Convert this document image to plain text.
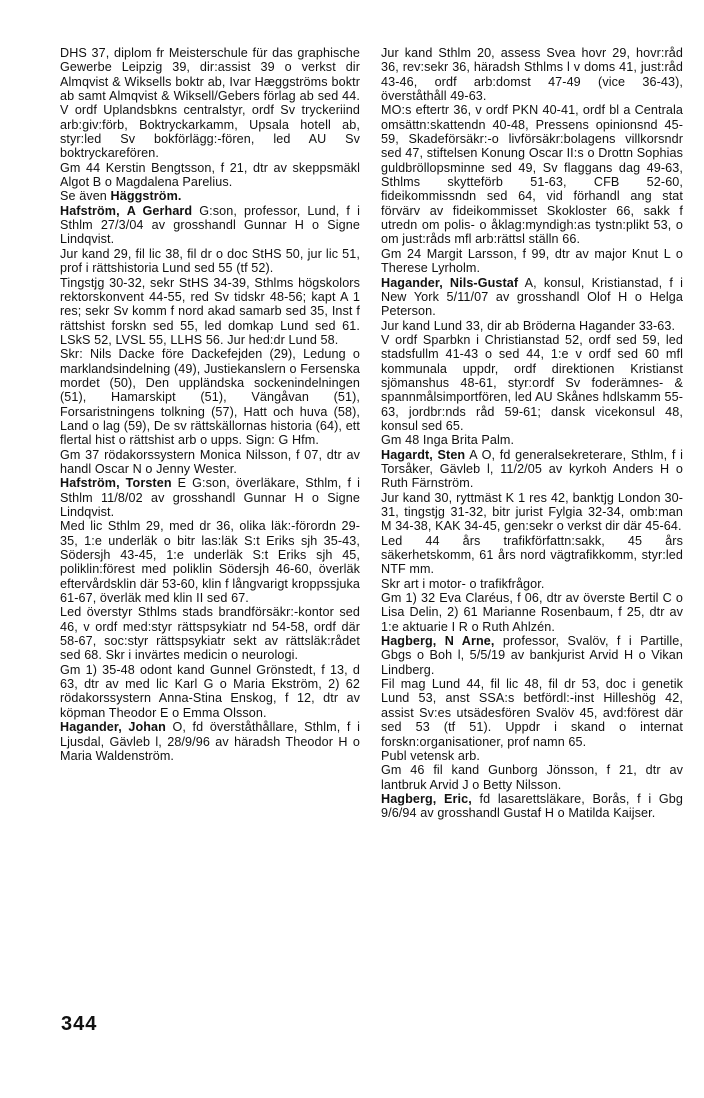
DHS 37, diplom fr Meisterschule für das graphische Gewerbe Leipzig 39, dir:assist 39 o verkst dir Almqvist & Wiksells boktr ab, Ivar Hæggströms boktr ab samt Almqvist & Wiksell/Gebers förlag ab sed 44. V ordf Uplandsbkns centralstyr, ordf Sv tryckeriind arb:giv:förb, Boktryckarkamm, Upsala hotell ab, styr:led Sv bokförlägg:-fören, led AU Sv boktryckarefören.

Gm 44 Kerstin Bengtsson, f 21, dtr av skeppsmäkl Algot B o Magdalena Parelius.

Se även Häggström.

Hafström, A Gerhard G:son, professor, Lund, f i Sthlm 27/3/04 av grosshandl Gunnar H o Signe Lindqvist.

Jur kand 29, fil lic 38, fil dr o doc StHS 50, jur lic 51, prof i rättshistoria Lund sed 55 (tf 52).

Tingstjg 30-32, sekr StHS 34-39, Sthlms högskolors rektorskonvent 44-55, red Sv tidskr 48-56; kapt A 1 res; sekr Sv komm f nord akad samarb sed 35, Inst f rättshist forskn sed 55, led domkap Lund sed 61. LSkS 52, LVSL 55, LLHS 56. Jur hed:dr Lund 58.

Skr: Nils Dacke före Dackefejden (29), Ledung o marklandsindelning (49), Justiekanslern o Fersenska mordet (50), Den uppländska sockenindelningen (51), Hamarskipt (51), Vängåvan (51), Forsaristningens tolkning (57), Hatt och huva (58), Land o lag (59), De sv rättskällornas historia (64), ett flertal hist o rättshist arb o upps. Sign: G Hfm.

Gm 37 rödakorssystern Monica Nilsson, f 07, dtr av handl Oscar N o Jenny Wester.

Hafström, Torsten E G:son, överläkare, Sthlm, f i Sthlm 11/8/02 av grosshandl Gunnar H o Signe Lindqvist.

Med lic Sthlm 29, med dr 36, olika läk:-förordn 29-35, 1:e underläk o bitr las:läk S:t Eriks sjh 35-43, Södersjh 43-45, 1:e underläk S:t Eriks sjh 45, poliklin:förest med poliklin Södersjh 46-60, överläk eftervårdsklin där 53-60, klin f långvarigt kroppssjuka 61-67, överläk med klin II sed 67.

Led överstyr Sthlms stads brandförsäkr:-kontor sed 46, v ordf med:styr rättspsykiatr nd 54-58, ordf där 58-67, soc:styr rättspsykiatr sekt av rättsläk:rådet sed 68. Skr i invärtes medicin o neurologi.

Gm 1) 35-48 odont kand Gunnel Grönstedt, f 13, d 63, dtr av med lic Karl G o Maria Ekström, 2) 62 rödakorssystern Anna-Stina Enskog, f 12, dtr av köpman Theodor E o Emma Olsson.

Hagander, Johan O, fd överståthållare, Sthlm, f i Ljusdal, Gävleb l, 28/9/96 av häradsh Theodor H o Maria Waldenström.

Jur kand Sthlm 20, assess Svea hovr 29, hovr:råd 36, rev:sekr 36, häradsh Sthlms l v doms 41, just:råd 43-46, ordf arb:domst 47-49 (vice 36-43), överståthåll 49-63.

MO:s eftertr 36, v ordf PKN 40-41, ordf bl a Centrala omsättn:skattendn 40-48, Pressens opinionsnd 45-59, Skadeförsäkr:-o livförsäkr:bolagens villkorsndr sed 47, stiftelsen Konung Oscar II:s o Drottn Sophias guldbröllopsminne sed 49, Sv flaggans dag 49-63, Sthlms skytteförb 51-63, CFB 52-60, fideikommissndn sed 64, vid förhandl ang stat förvärv av fideikommisset Skokloster 66, sakk f utredn om polis- o åklag:myndigh:as tystn:plikt 53, o om just:råds mfl arb:rättsl ställn 66.

Gm 24 Margit Larsson, f 99, dtr av major Knut L o Therese Lyrholm.

Hagander, Nils-Gustaf A, konsul, Kristianstad, f i New York 5/11/07 av grosshandl Olof H o Helga Peterson.

Jur kand Lund 33, dir ab Bröderna Hagander 33-63.

V ordf Sparbkn i Christianstad 52, ordf sed 59, led stadsfullm 41-43 o sed 44, 1:e v ordf sed 60 mfl kommunala uppdr, ordf direktionen Kristianst sjömanshus 48-61, styr:ordf Sv foderämnes- & spannmålsimportfören, led AU Skånes hdlskamm 55-63, jordbr:nds råd 59-61; dansk vicekonsul 48, konsul sed 65.

Gm 48 Inga Brita Palm.

Hagardt, Sten A O, fd generalsekreterare, Sthlm, f i Torsåker, Gävleb l, 11/2/05 av kyrkoh Anders H o Ruth Färnström.

Jur kand 30, ryttmäst K 1 res 42, banktjg London 30-31, tingstjg 31-32, bitr jurist Fylgia 32-34, omb:man M 34-38, KAK 34-45, gen:sekr o verkst dir där 45-64.

Led 44 års trafikförfattn:sakk, 45 års säkerhetskomm, 61 års nord vägtrafikkomm, styr:led NTF mm.

Skr art i motor- o trafikfrågor.

Gm 1) 32 Eva Claréus, f 06, dtr av överste Bertil C o Lisa Delin, 2) 61 Marianne Rosenbaum, f 25, dtr av 1:e aktuarie I R o Ruth Ahlzén.

Hagberg, N Arne, professor, Svalöv, f i Partille, Gbgs o Boh l, 5/5/19 av bankjurist Arvid H o Vikan Lindberg.

Fil mag Lund 44, fil lic 48, fil dr 53, doc i genetik Lund 53, anst SSA:s betfördl:-inst Hilleshög 42, assist Sv:es utsädesfören Svalöv 45, avd:förest där sed 53 (tf 51). Uppdr i skand o internat forskn:organisationer, prof namn 65.

Publ vetensk arb.

Gm 46 fil kand Gunborg Jönsson, f 21, dtr av lantbruk Arvid J o Betty Nilsson.

Hagberg, Eric, fd lasarettsläkare, Borås, f i Gbg 9/6/94 av grosshandl Gustaf H o Matilda Kaijser.

344
